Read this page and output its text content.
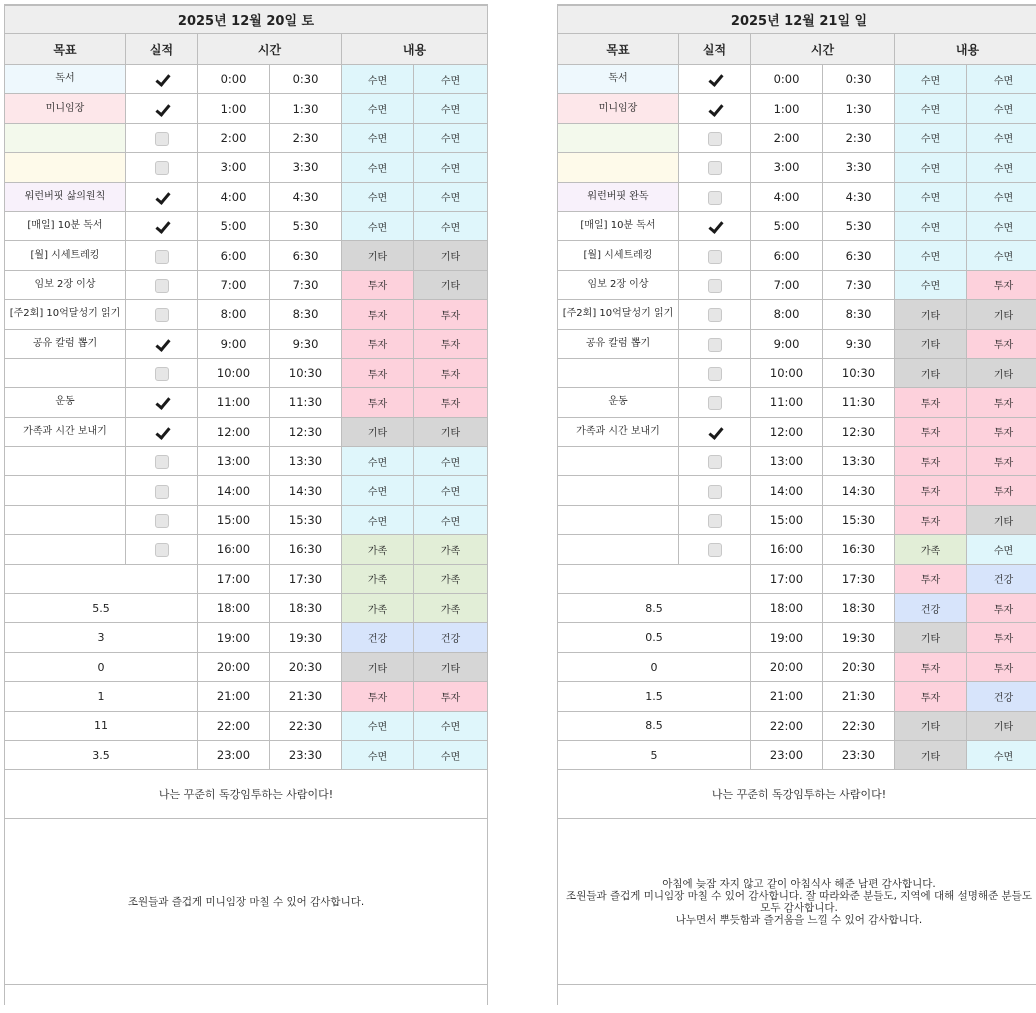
2025년 12월 20일 토					
목표	실적	시간		내용	

독서		0:00	0:30	수면	수면

미니임장		1:00	1:30	수면	수면

		2:00	2:30	수면	수면

		3:00	3:30	수면	수면

워런버핏 삶의원칙		4:00	4:30	수면	수면

[매일] 10분 독서		5:00	5:30	수면	수면

[월] 시세트레킹		6:00	6:30	기타	기타

임보 2장 이상		7:00	7:30	투자	기타

[주2회] 10억달성기 읽기		8:00	8:30	투자	투자

공유 칼럼 뽑기		9:00	9:30	투자	투자

		10:00	10:30	투자	투자

운동		11:00	11:30	투자	투자

가족과 시간 보내기		12:00	12:30	기타	기타

		13:00	13:30	수면	수면

		14:00	14:30	수면	수면

		15:00	15:30	수면	수면

		16:00	16:30	가족	가족
		17:00	17:30	가족	가족
5.5		18:00	18:30	가족	가족
3		19:00	19:30	건강	건강
0		20:00	20:30	기타	기타
1		21:00	21:30	투자	투자
11		22:00	22:30	수면	수면
3.5		23:00	23:30	수면	수면
나는 꾸준히 독강임투하는 사람이다!					
조원들과 즐겁게 미니임장 마칠 수 있어 감사합니다.					

2025년 12월 21일 일					
목표	실적	시간		내용	

독서		0:00	0:30	수면	수면

미니임장		1:00	1:30	수면	수면

		2:00	2:30	수면	수면

		3:00	3:30	수면	수면

워런버핏 완독		4:00	4:30	수면	수면

[매일] 10분 독서		5:00	5:30	수면	수면

[월] 시세트레킹		6:00	6:30	수면	수면

임보 2장 이상		7:00	7:30	수면	투자

[주2회] 10억달성기 읽기		8:00	8:30	기타	기타

공유 칼럼 뽑기		9:00	9:30	기타	투자

		10:00	10:30	기타	기타

운동		11:00	11:30	투자	투자

가족과 시간 보내기		12:00	12:30	투자	투자

		13:00	13:30	투자	투자

		14:00	14:30	투자	투자

		15:00	15:30	투자	기타

		16:00	16:30	가족	수면
		17:00	17:30	투자	건강
8.5		18:00	18:30	건강	투자
0.5		19:00	19:30	기타	투자
0		20:00	20:30	투자	투자
1.5		21:00	21:30	투자	건강
8.5		22:00	22:30	기타	기타
5		23:00	23:30	기타	수면
나는 꾸준히 독강임투하는 사람이다!					
아침에 늦잠 자지 않고 같이 아침식사 해준 남편 감사합니다.
조원들과 즐겁게 미니임장 마칠 수 있어 감사합니다. 잘 따라와준 분들도, 지역에 대해 설명해준 분들도
모두 감사합니다.
나누면서 뿌듯함과 즐거움을 느낄 수 있어 감사합니다.					
